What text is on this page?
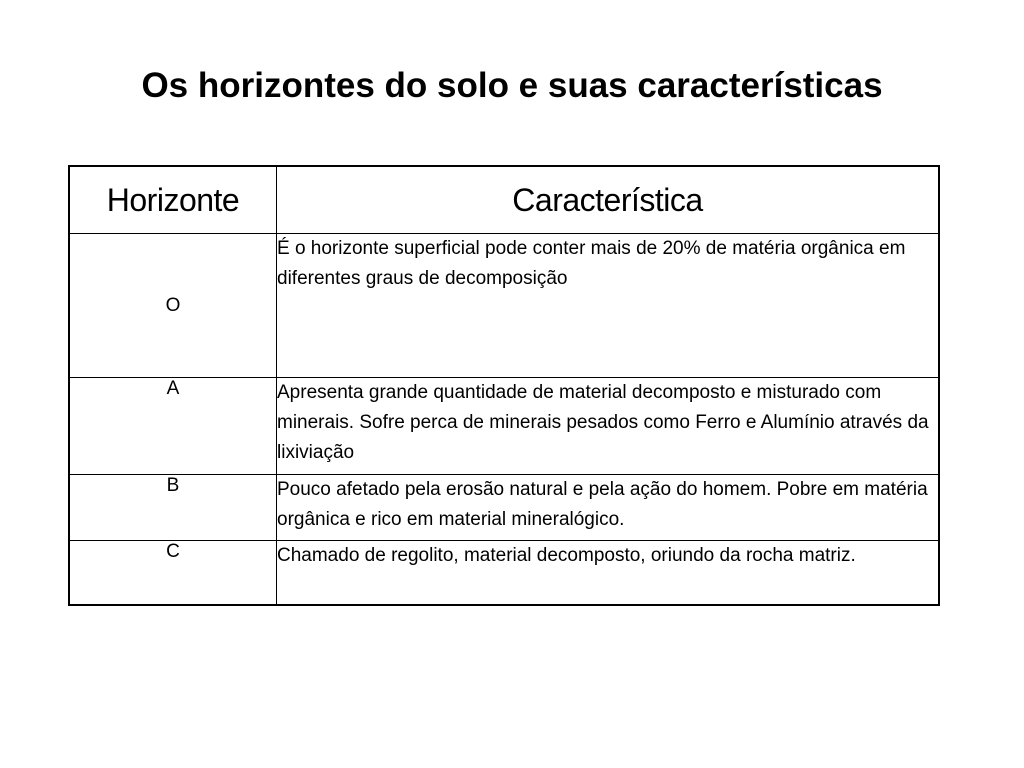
Os horizontes do solo e suas características
Horizonte	Característica
O	É o horizonte superficial pode conter mais de 20% de matéria orgânica em diferentes graus de decomposição
A	Apresenta grande quantidade de material decomposto e misturado com minerais. Sofre perca de minerais pesados como Ferro e Alumínio através da lixiviação
B	Pouco afetado pela erosão natural e pela ação do homem. Pobre em matéria orgânica e rico em material mineralógico.
C	Chamado de regolito, material decomposto, oriundo da rocha matriz.
